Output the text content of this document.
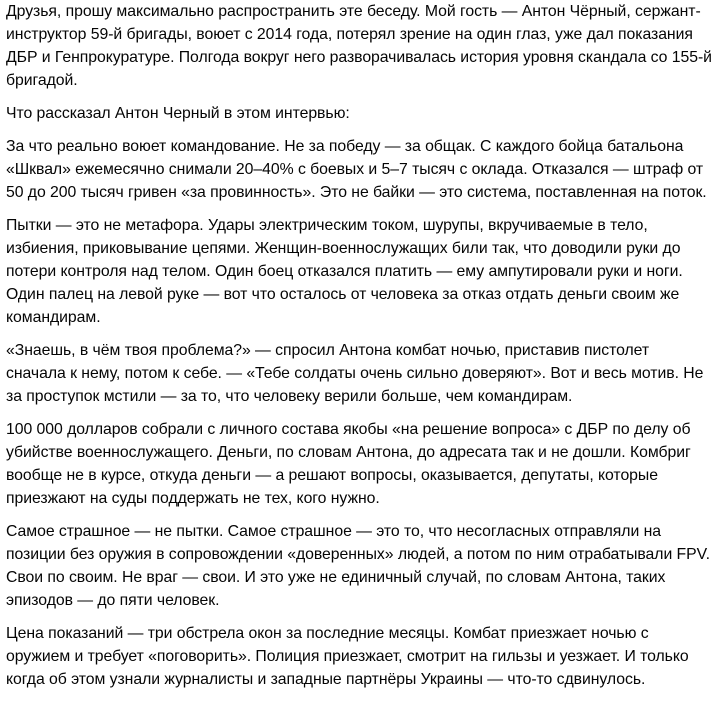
Друзья, прошу максимально распространить эте беседу. Мой гость — Антон Чёрный, сержант-инструктор 59-й бригады, воюет с 2014 года, потерял зрение на один глаз, уже дал показания ДБР и Генпрокуратуре. Полгода вокруг него разворачивалась история уровня скандала со 155-й бригадой.

Что рассказал Антон Черный в этом интервью:

За что реально воюет командование. Не за победу — за общак. С каждого бойца батальона «Шквал» ежемесячно снимали 20–40% с боевых и 5–7 тысяч с оклада. Отказался — штраф от 50 до 200 тысяч гривен «за провинность». Это не байки — это система, поставленная на поток.

Пытки — это не метафора. Удары электрическим током, шурупы, вкручиваемые в тело, избиения, приковывание цепями. Женщин-военнослужащих били так, что доводили руки до потери контроля над телом. Один боец отказался платить — ему ампутировали руки и ноги. Один палец на левой руке — вот что осталось от человека за отказ отдать деньги своим же командирам.

«Знаешь, в чём твоя проблема?» — спросил Антона комбат ночью, приставив пистолет сначала к нему, потом к себе. — «Тебе солдаты очень сильно доверяют». Вот и весь мотив. Не за проступок мстили — за то, что человеку верили больше, чем командирам.

100 000 долларов собрали с личного состава якобы «на решение вопроса» с ДБР по делу об убийстве военнослужащего. Деньги, по словам Антона, до адресата так и не дошли. Комбриг вообще не в курсе, откуда деньги — а решают вопросы, оказывается, депутаты, которые приезжают на суды поддержать не тех, кого нужно.

Самое страшное — не пытки. Самое страшное — это то, что несогласных отправляли на позиции без оружия в сопровождении «доверенных» людей, а потом по ним отрабатывали FPV. Свои по своим. Не враг — свои. И это уже не единичный случай, по словам Антона, таких эпизодов — до пяти человек.

Цена показаний — три обстрела окон за последние месяцы. Комбат приезжает ночью с оружием и требует «поговорить». Полиция приезжает, смотрит на гильзы и уезжает. И только когда об этом узнали журналисты и западные партнёры Украины — что-то сдвинулось.
